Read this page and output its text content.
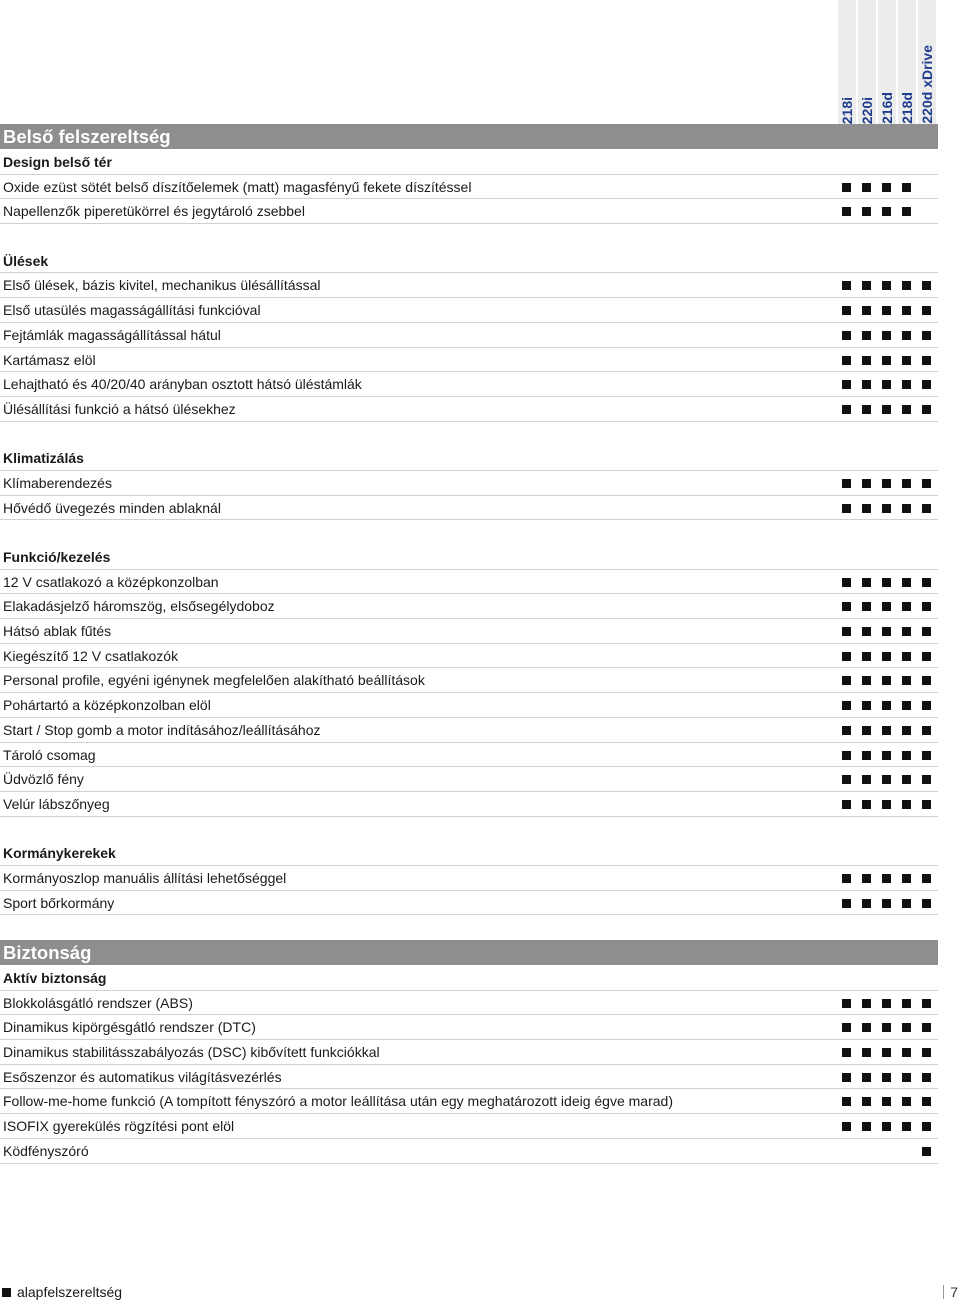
218i 220i 216d 218d 220d xDrive
Belső felszereltség
Design belső tér
Oxide ezüst sötét belső díszítőelemek (matt) magasfényű fekete díszítéssel
Napellenzők piperetükörrel és jegytároló zsebbel
Ülések
Első ülések, bázis kivitel, mechanikus ülésállítással
Első utasülés magasságállítási funkcióval
Fejtámlák magasságállítással hátul
Kartámasz elöl
Lehajtható és 40/20/40 arányban osztott hátsó üléstámlák
Ülésállítási funkció a hátsó ülésekhez
Klimatizálás
Klímaberendezés
Hővédő üvegezés minden ablaknál
Funkció/kezelés
12 V csatlakozó a középkonzolban
Elakadásjelző háromszög, elsősegélydoboz
Hátsó ablak fűtés
Kiegészítő 12 V csatlakozók
Personal profile, egyéni igénynek megfelelően alakítható beállítások
Pohártartó a középkonzolban elöl
Start / Stop gomb a motor indításához/leállításához
Tároló csomag
Üdvözlő fény
Velúr lábszőnyeg
Kormánykerekek
Kormányoszlop manuális állítási lehetőséggel
Sport bőrkormány
Biztonság
Aktív biztonság
Blokkolásgátló rendszer (ABS)
Dinamikus kipörgésgátló rendszer (DTC)
Dinamikus stabilitásszabályozás (DSC) kibővített funkciókkal
Esőszenzor és automatikus világításvezérlés
Follow-me-home funkció (A tompított fényszóró a motor leállítása után egy meghatározott ideig égve marad)
ISOFIX gyerekülés rögzítési pont elöl
Ködfényszóró
alapfelszereltség	7
